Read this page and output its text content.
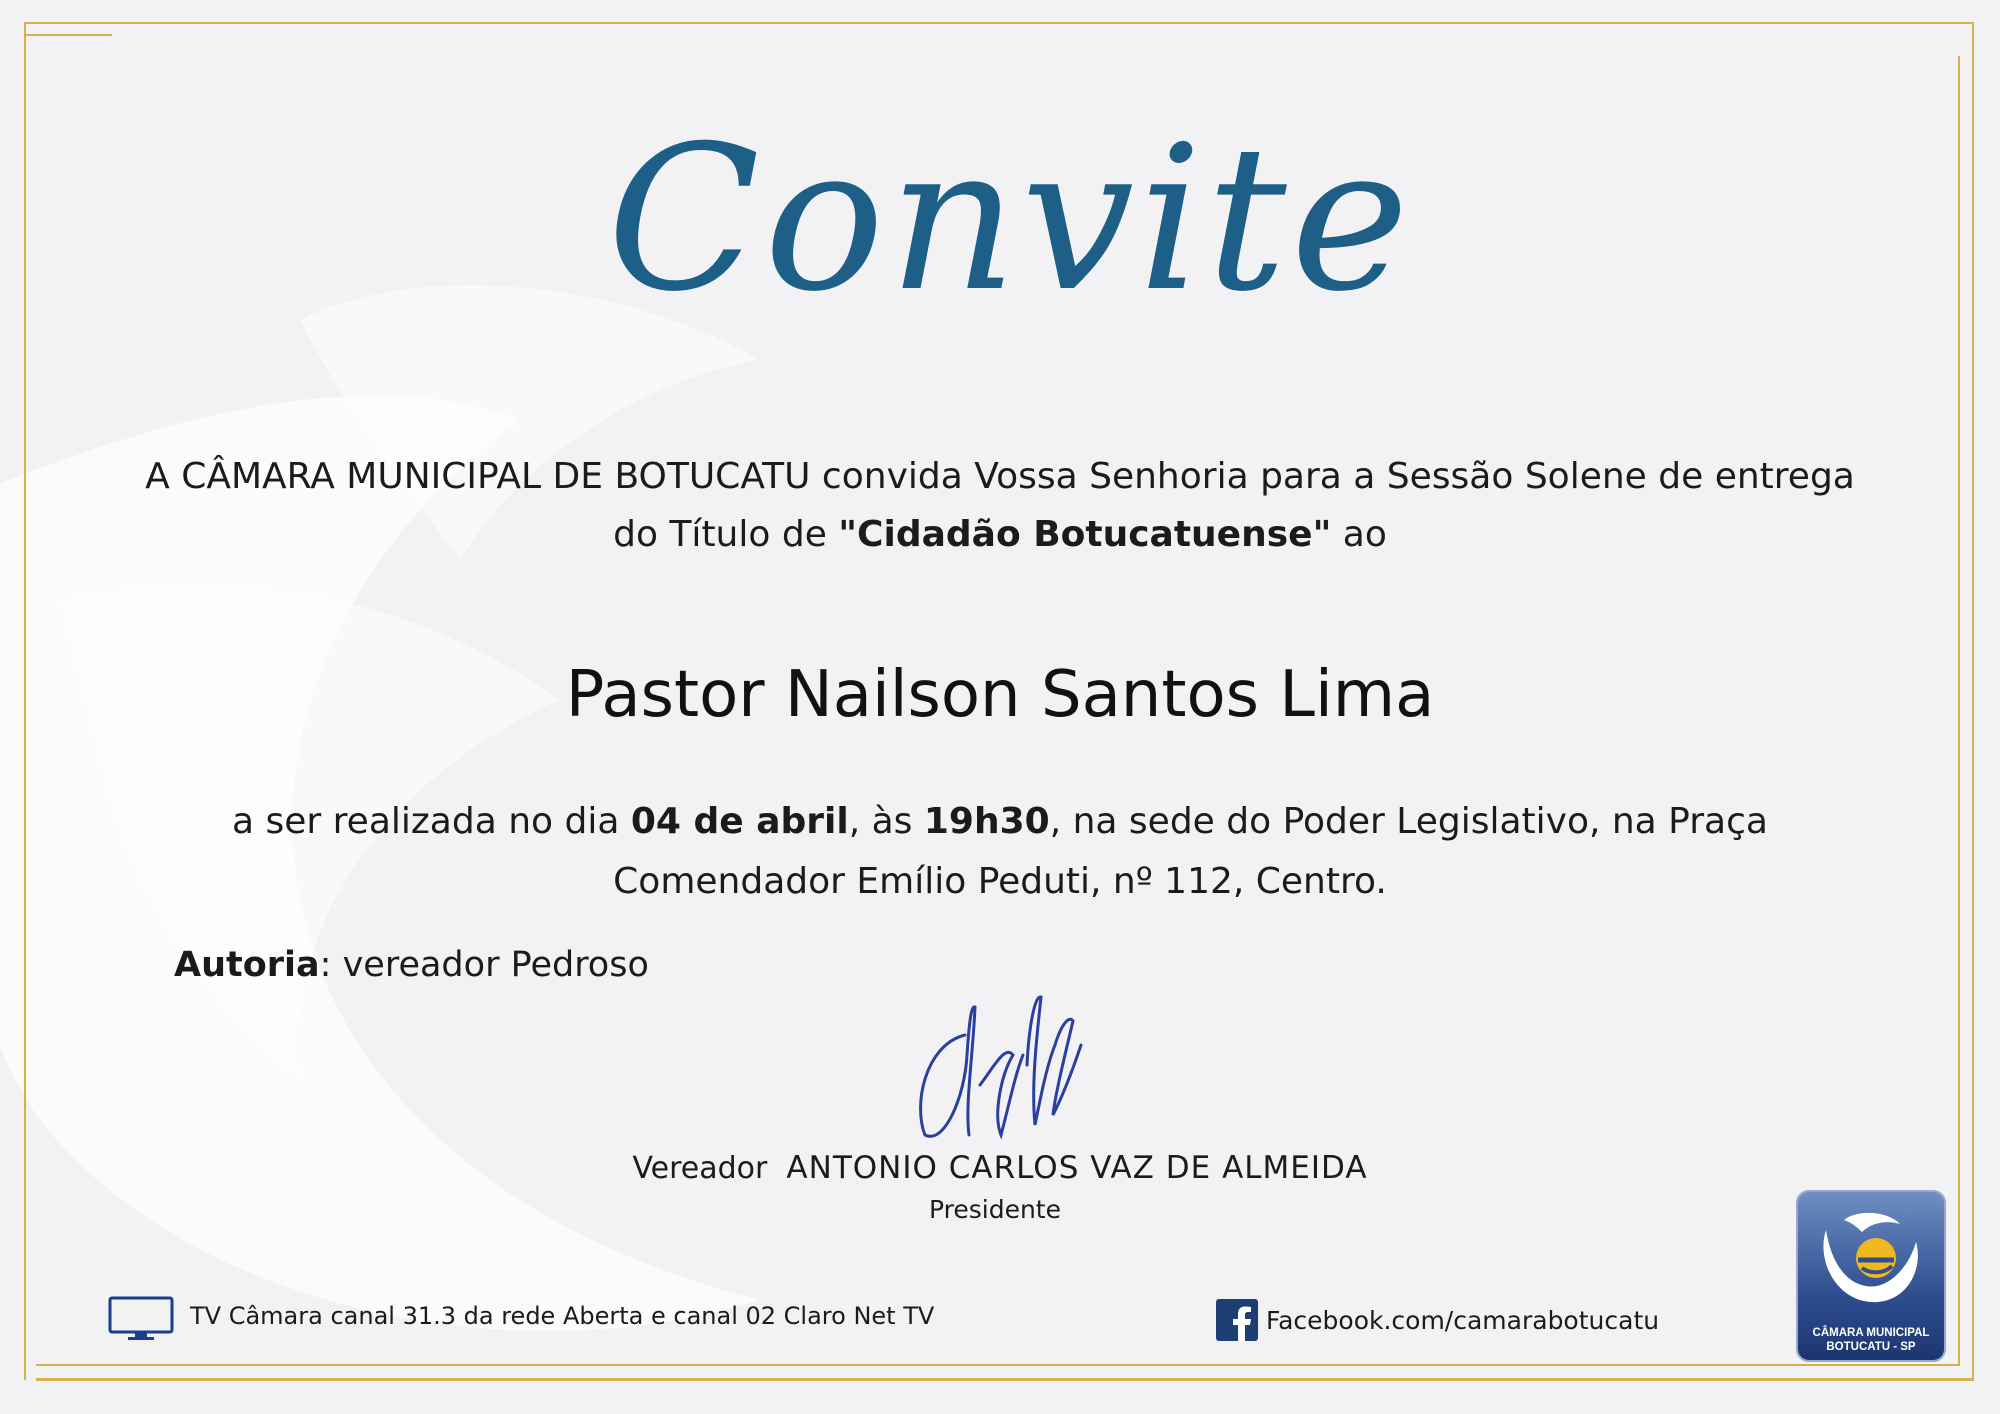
Convite
A CÂMARA MUNICIPAL DE BOTUCATU convida Vossa Senhoria para a Sessão Solene de entrega do Título de "Cidadão Botucatuense" ao
Pastor Nailson Santos Lima
a ser realizada no dia 04 de abril, às 19h30, na sede do Poder Legislativo, na Praça Comendador Emílio Peduti, nº 112, Centro.
Autoria: vereador Pedroso
Vereador ANTONIO CARLOS VAZ DE ALMEIDA
Presidente
TV Câmara canal 31.3 da rede Aberta e canal 02 Claro Net TV	Facebook.com/camarabotucatu	CÂMARA MUNICIPAL
BOTUCATU - SP
